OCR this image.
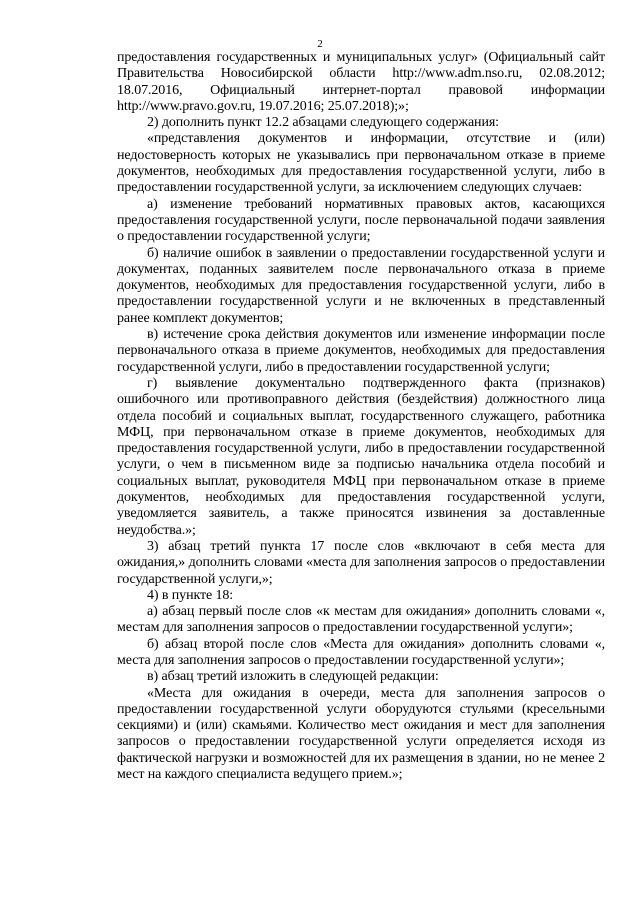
2

предоставления государственных и муниципальных услуг» (Официальный сайт Правительства Новосибирской области http://www.adm.nso.ru, 02.08.2012; 18.07.2016, Официальный интернет-портал правовой информации http://www.pravo.gov.ru, 19.07.2016; 25.07.2018);»;

2) дополнить пункт 12.2 абзацами следующего содержания:

«представления документов и информации, отсутствие и (или) недостоверность которых не указывались при первоначальном отказе в приеме документов, необходимых для предоставления государственной услуги, либо в предоставлении государственной услуги, за исключением следующих случаев:

а) изменение требований нормативных правовых актов, касающихся предоставления государственной услуги, после первоначальной подачи заявления о предоставлении государственной услуги;

б) наличие ошибок в заявлении о предоставлении государственной услуги и документах, поданных заявителем после первоначального отказа в приеме документов, необходимых для предоставления государственной услуги, либо в предоставлении государственной услуги и не включенных в представленный ранее комплект документов;

в) истечение срока действия документов или изменение информации после первоначального отказа в приеме документов, необходимых для предоставления государственной услуги, либо в предоставлении государственной услуги;

г) выявление документально подтвержденного факта (признаков) ошибочного или противоправного действия (бездействия) должностного лица отдела пособий и социальных выплат, государственного служащего, работника МФЦ, при первоначальном отказе в приеме документов, необходимых для предоставления государственной услуги, либо в предоставлении государственной услуги, о чем в письменном виде за подписью начальника отдела пособий и социальных выплат, руководителя МФЦ при первоначальном отказе в приеме документов, необходимых для предоставления государственной услуги, уведомляется заявитель, а также приносятся извинения за доставленные неудобства.»;

3) абзац третий пункта 17 после слов «включают в себя места для ожидания,» дополнить словами «места для заполнения запросов о предоставлении государственной услуги,»;

4) в пункте 18:

а) абзац первый после слов «к местам для ожидания» дополнить словами «, местам для заполнения запросов о предоставлении государственной услуги»;

б) абзац второй после слов «Места для ожидания» дополнить словами «, места для заполнения запросов о предоставлении государственной услуги»;

в) абзац третий изложить в следующей редакции:

«Места для ожидания в очереди, места для заполнения запросов о предоставлении государственной услуги оборудуются стульями (кресельными секциями) и (или) скамьями. Количество мест ожидания и мест для заполнения запросов о предоставлении государственной услуги определяется исходя из фактической нагрузки и возможностей для их размещения в здании, но не менее 2 мест на каждого специалиста ведущего прием.»;
